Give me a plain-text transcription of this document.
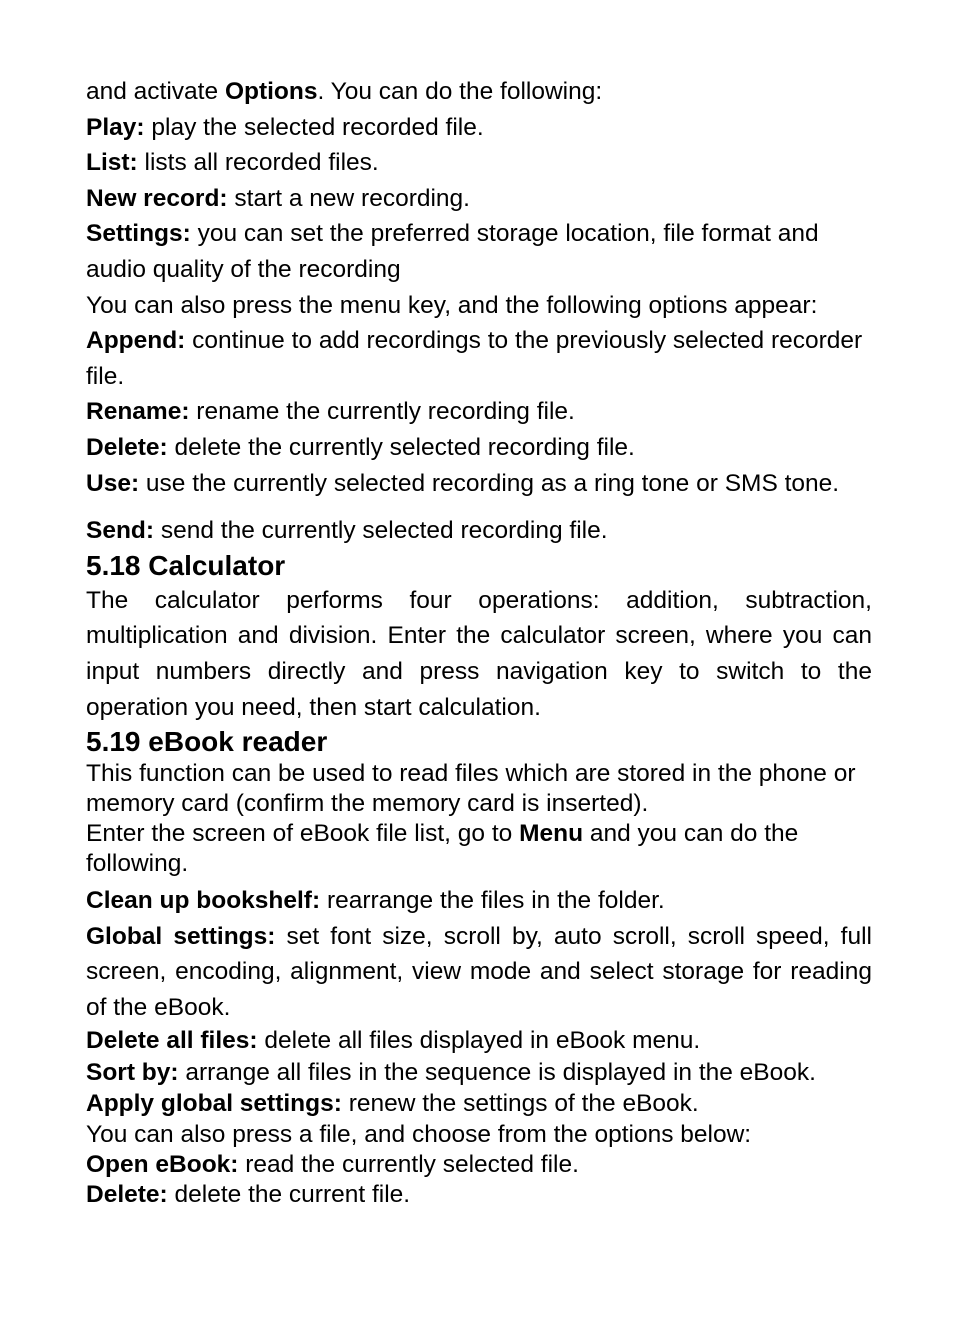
and activate Options. You can do the following:

Play: play the selected recorded file.

List: lists all recorded files.

New record: start a new recording.

Settings: you can set the preferred storage location, file format and audio quality of the recording

You can also press the menu key, and the following options appear:

Append: continue to add recordings to the previously selected recorder file.

Rename: rename the currently recording file.

Delete: delete the currently selected recording file.

Use: use the currently selected recording as a ring tone or SMS tone.

Send: send the currently selected recording file.

5.18 Calculator

The calculator performs four operations: addition, subtraction, multiplication and division. Enter the calculator screen, where you can input numbers directly and press navigation key to switch to the operation you need, then start calculation.

5.19 eBook reader

This function can be used to read files which are stored in the phone or memory card (confirm the memory card is inserted).

Enter the screen of eBook file list, go to Menu and you can do the following.

Clean up bookshelf: rearrange the files in the folder.

Global settings: set font size, scroll by, auto scroll, scroll speed, full screen, encoding, alignment, view mode and select storage for reading of the eBook.

Delete all files: delete all files displayed in eBook menu.

Sort by: arrange all files in the sequence is displayed in the eBook.

Apply global settings: renew the settings of the eBook.

You can also press a file, and choose from the options below:

Open eBook: read the currently selected file.

Delete: delete the current file.
